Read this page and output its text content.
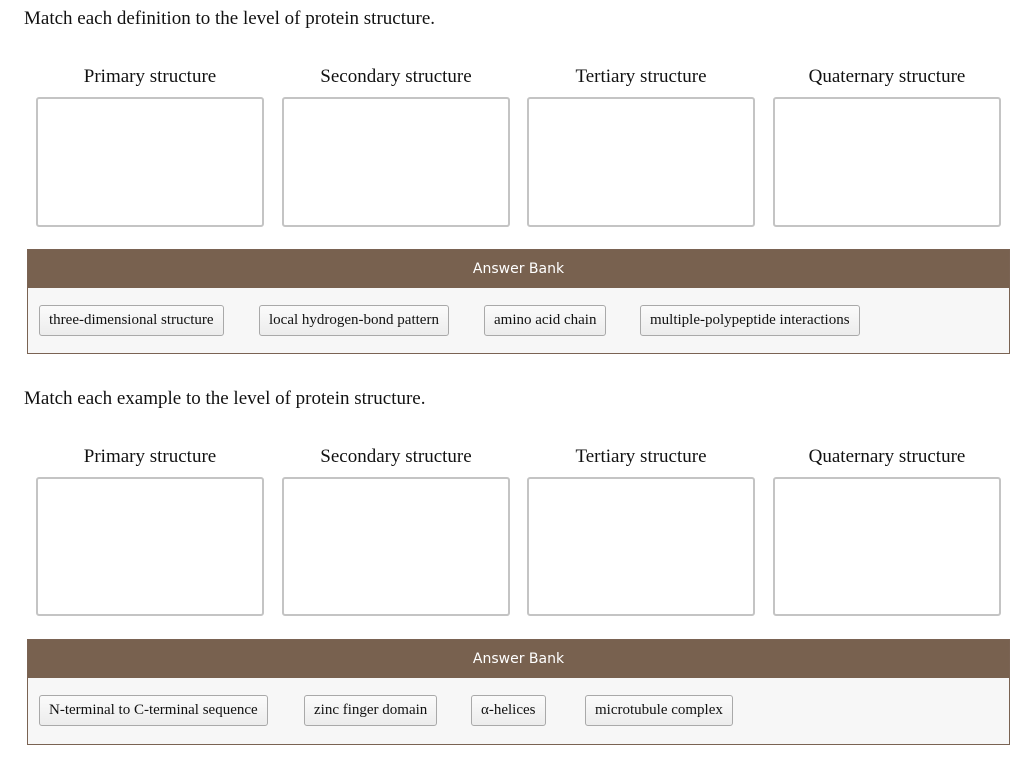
Match each definition to the level of protein structure.
Primary structure	Secondary structure	Tertiary structure	Quaternary structure
Answer Bank
three-dimensional structure	local hydrogen-bond pattern	amino acid chain	multiple-polypeptide interactions
Match each example to the level of protein structure.
Primary structure	Secondary structure	Tertiary structure	Quaternary structure
Answer Bank
N-terminal to C-terminal sequence	zinc finger domain	α-helices	microtubule complex
